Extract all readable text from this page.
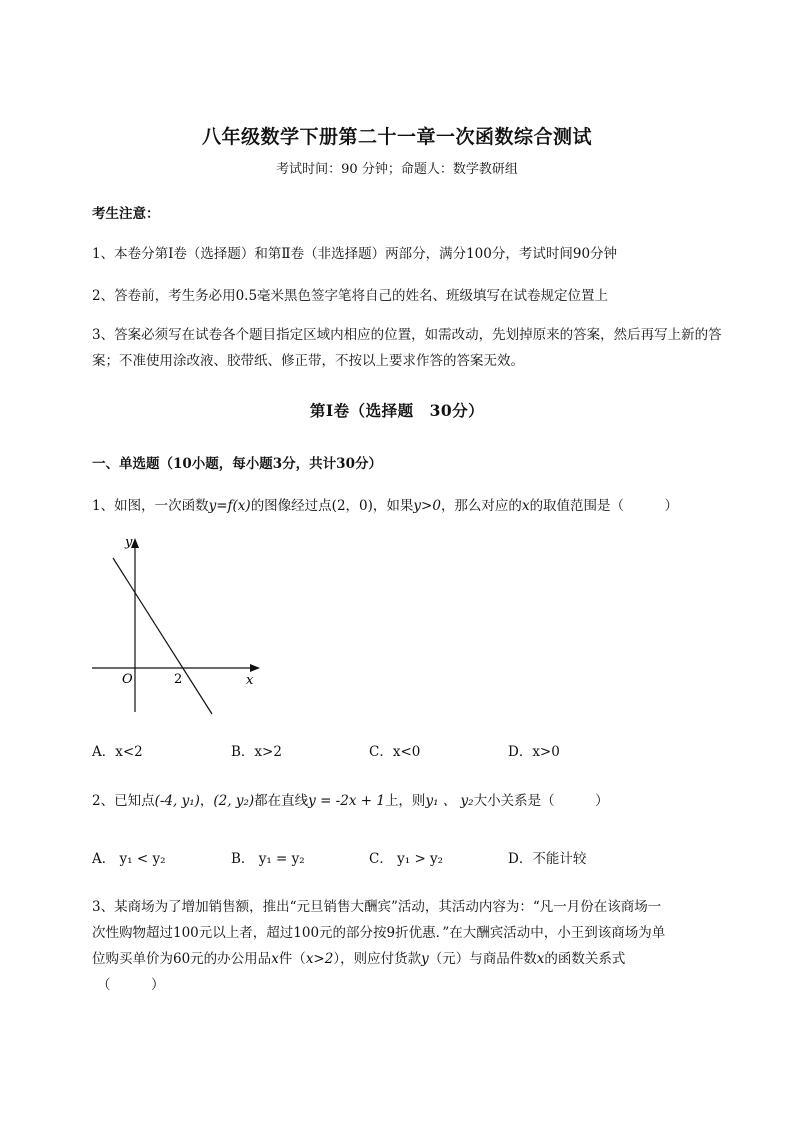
八年级数学下册第二十一章一次函数综合测试
考试时间：90 分钟；命题人：数学教研组
考生注意：
1、本卷分第I卷（选择题）和第Ⅱ卷（非选择题）两部分，满分100分，考试时间90分钟
2、答卷前，考生务必用0.5毫米黑色签字笔将自己的姓名、班级填写在试卷规定位置上
3、答案必须写在试卷各个题目指定区域内相应的位置，如需改动，先划掉原来的答案，然后再写上新的答案；不准使用涂改液、胶带纸、修正带，不按以上要求作答的答案无效。
第I卷（选择题　30分）
一、单选题（10小题，每小题3分，共计30分）
1、如图，一次函数y=f(x)的图像经过点(2，0)，如果y>0，那么对应的x的取值范围是（　　　）
y
x
O	2
A．x<2	B．x>2	C．x<0	D．x>0
2、已知点(-4, y₁)，(2, y₂)都在直线y = -2x + 1上，则y₁ 、 y₂大小关系是（　　　）
A． y₁ < y₂	B． y₁ = y₂	C． y₁ > y₂	D．不能计较
3、某商场为了增加销售额，推出“元旦销售大酬宾”活动，其活动内容为：“凡一月份在该商场一
次性购物超过100元以上者，超过100元的部分按9折优惠．”在大酬宾活动中，小王到该商场为单
位购买单价为60元的办公用品x件（x>2），则应付货款y（元）与商品件数x的函数关系式
（　　　）
